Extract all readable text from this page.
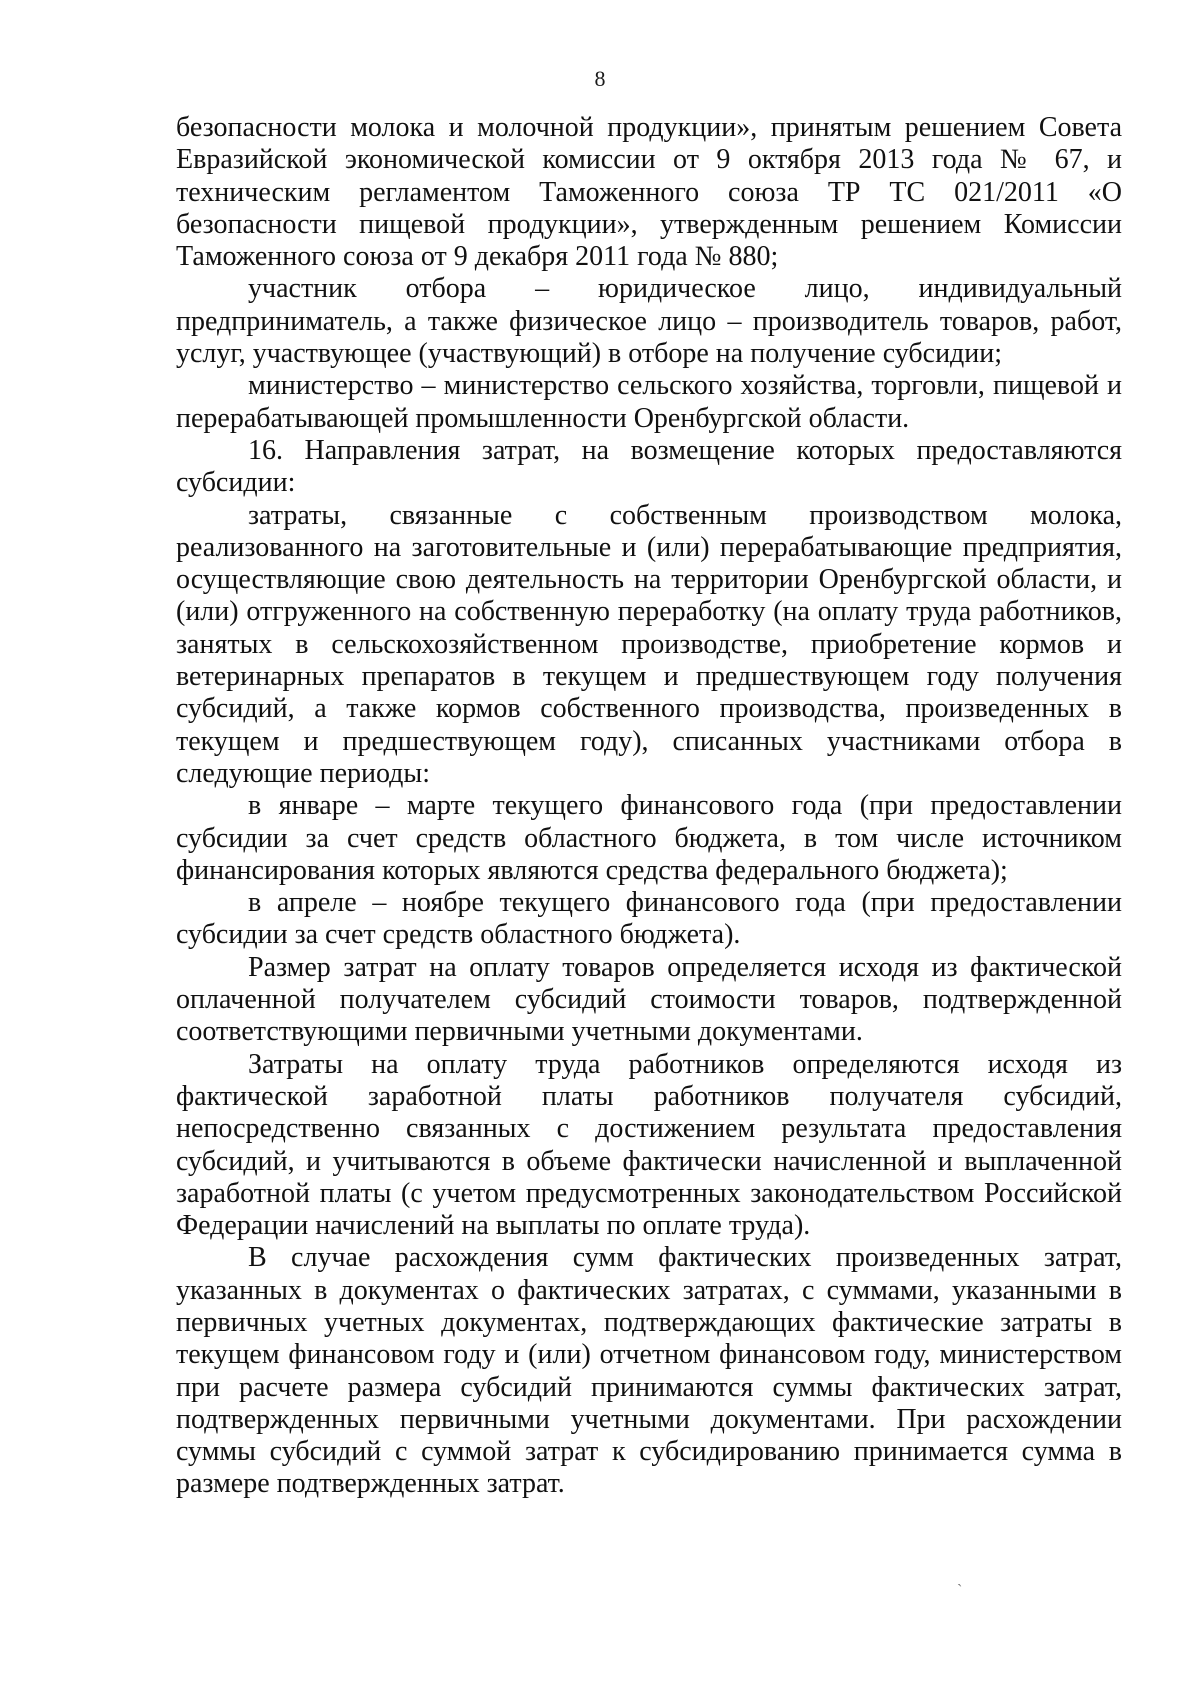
8

безопасности молока и молочной продукции», принятым решением Совета Евразийской экономической комиссии от 9 октября 2013 года № 67, и техническим регламентом Таможенного союза ТР ТС 021/2011 «О безопасности пищевой продукции», утвержденным решением Комиссии Таможенного союза от 9 декабря 2011 года № 880;

участник отбора – юридическое лицо, индивидуальный предприниматель, а также физическое лицо – производитель товаров, работ, услуг, участвующее (участвующий) в отборе на получение субсидии;

министерство – министерство сельского хозяйства, торговли, пищевой и перерабатывающей промышленности Оренбургской области.

16. Направления затрат, на возмещение которых предоставляются субсидии:

затраты, связанные с собственным производством молока, реализованного на заготовительные и (или) перерабатывающие предприятия, осуществляющие свою деятельность на территории Оренбургской области, и (или) отгруженного на собственную переработку (на оплату труда работников, занятых в сельскохозяйственном производстве, приобретение кормов и ветеринарных препаратов в текущем и предшествующем году получения субсидий, а также кормов собственного производства, произведенных в текущем и предшествующем году), списанных участниками отбора в следующие периоды:

в январе – марте текущего финансового года (при предоставлении субсидии за счет средств областного бюджета, в том числе источником финансирования которых являются средства федерального бюджета);

в апреле – ноябре текущего финансового года (при предоставлении субсидии за счет средств областного бюджета).

Размер затрат на оплату товаров определяется исходя из фактической оплаченной получателем субсидий стоимости товаров, подтвержденной соответствующими первичными учетными документами.

Затраты на оплату труда работников определяются исходя из фактической заработной платы работников получателя субсидий, непосредственно связанных с достижением результата предоставления субсидий, и учитываются в объеме фактически начисленной и выплаченной заработной платы (с учетом предусмотренных законодательством Российской Федерации начислений на выплаты по оплате труда).

В случае расхождения сумм фактических произведенных затрат, указанных в документах о фактических затратах, с суммами, указанными в первичных учетных документах, подтверждающих фактические затраты в текущем финансовом году и (или) отчетном финансовом году, министерством при расчете размера субсидий принимаются суммы фактических затрат, подтвержденных первичными учетными документами. При расхождении суммы субсидий с суммой затрат к субсидированию принимается сумма в размере подтвержденных затрат.

`
